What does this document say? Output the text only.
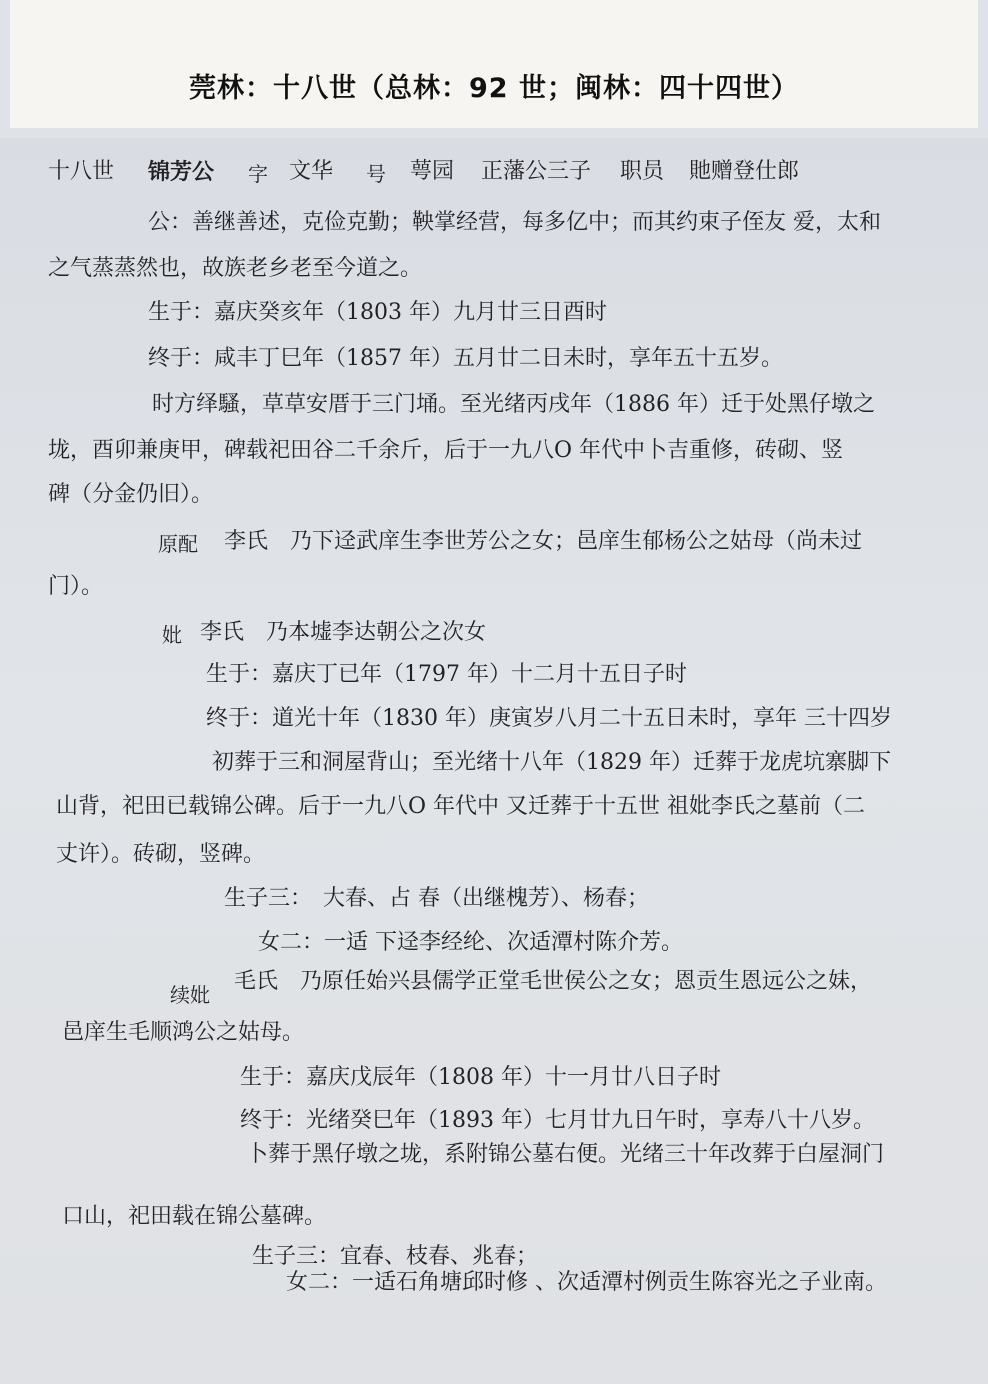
莞林：十八世（总林：92 世；闽林：四十四世）
十八世 锦芳公 字 文华 号 萼园 正藩公三子 职员 貤赠登仕郎
公：善继善述，克俭克勤；鞅掌经营，每多亿中；而其约束子侄友 爱，太和
之气蒸蒸然也，故族老乡老至今道之。
生于：嘉庆癸亥年（1803 年）九月廿三日酉时
终于：咸丰丁巳年（1857 年）五月廿二日未时，享年五十五岁。
时方绎騷，草草安厝于三门埇。至光绪丙戌年（1886 年）迁于处黑仔墩之
垅，酉卯兼庚甲，碑载祀田谷二千余斤，后于一九八O 年代中卜吉重修，砖砌、竖
碑（分金仍旧）。
原配 李氏　乃下迳武庠生李世芳公之女；邑庠生郁杨公之姑母（尚未过
门）。
妣 李氏　乃本墟李达朝公之次女
生于：嘉庆丁已年（1797 年）十二月十五日子时
终于：道光十年（1830 年）庚寅岁八月二十五日未时，享年 三十四岁
初葬于三和洞屋背山；至光绪十八年（1829 年）迁葬于龙虎坑寨脚下
山背，祀田已载锦公碑。后于一九八O 年代中 又迁葬于十五世 祖妣李氏之墓前（二
丈许）。砖砌，竖碑。
生子三：　大春、占 春（出继槐芳）、杨春；
女二：一适 下迳李经纶、次适潭村陈介芳。
续妣
毛氏　乃原任始兴县儒学正堂毛世侯公之女；恩贡生恩远公之妹，
邑庠生毛顺鸿公之姑母。
生于：嘉庆戊辰年（1808 年）十一月廿八日子时
终于：光绪癸巳年（1893 年）七月廿九日午时，享寿八十八岁。
卜葬于黑仔墩之垅，系附锦公墓右便。光绪三十年改葬于白屋洞门
口山，祀田载在锦公墓碑。
生子三：宜春、枝春、兆春；
女二：一适石角塘邱时修 、次适潭村例贡生陈容光之子业南。
